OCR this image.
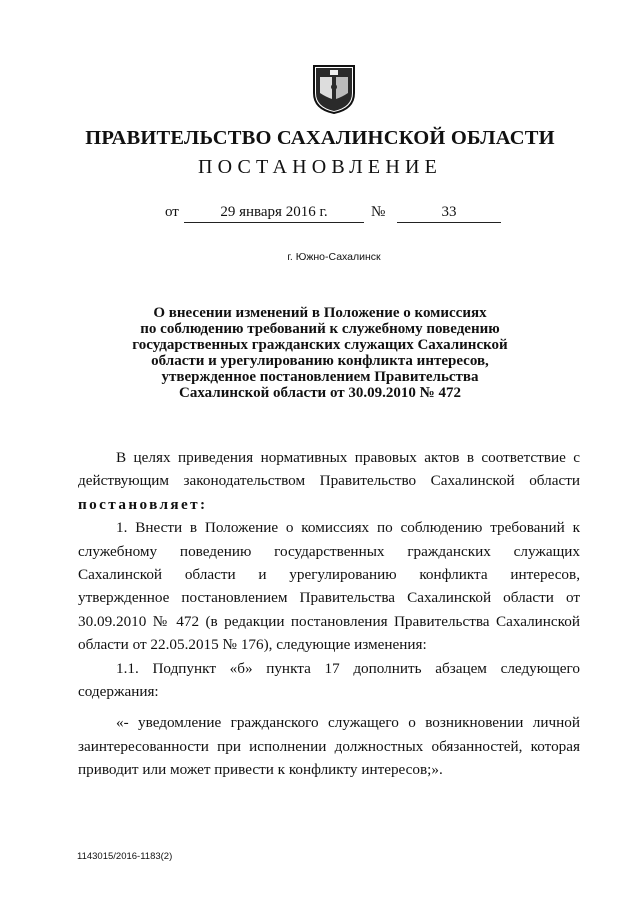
ПРАВИТЕЛЬСТВО САХАЛИНСКОЙ ОБЛАСТИ
ПОСТАНОВЛЕНИЕ
от	29 января 2016 г.	№	33
г. Южно-Сахалинск
О внесении изменений в Положение о комиссиях
по соблюдению требований к служебному поведению
государственных гражданских служащих Сахалинской
области и урегулированию конфликта интересов,
утвержденное постановлением Правительства
Сахалинской области от 30.09.2010 № 472

В целях приведения нормативных правовых актов в соответствие с действующим законодательством Правительство Сахалинской области постановляет:

1. Внести в Положение о комиссиях по соблюдению требований к служебному поведению государственных гражданских служащих Сахалинской области и урегулированию конфликта интересов, утвержденное постановлением Правительства Сахалинской области от 30.09.2010 № 472 (в редакции постановления Правительства Сахалинской области от 22.05.2015 № 176), следующие изменения:

1.1. Подпункт «б» пункта 17 дополнить абзацем следующего содержания:

«- уведомление гражданского служащего о возникновении личной заинтересованности при исполнении должностных обязанностей, которая приводит или может привести к конфликту интересов;».

1143015/2016-1183(2)
